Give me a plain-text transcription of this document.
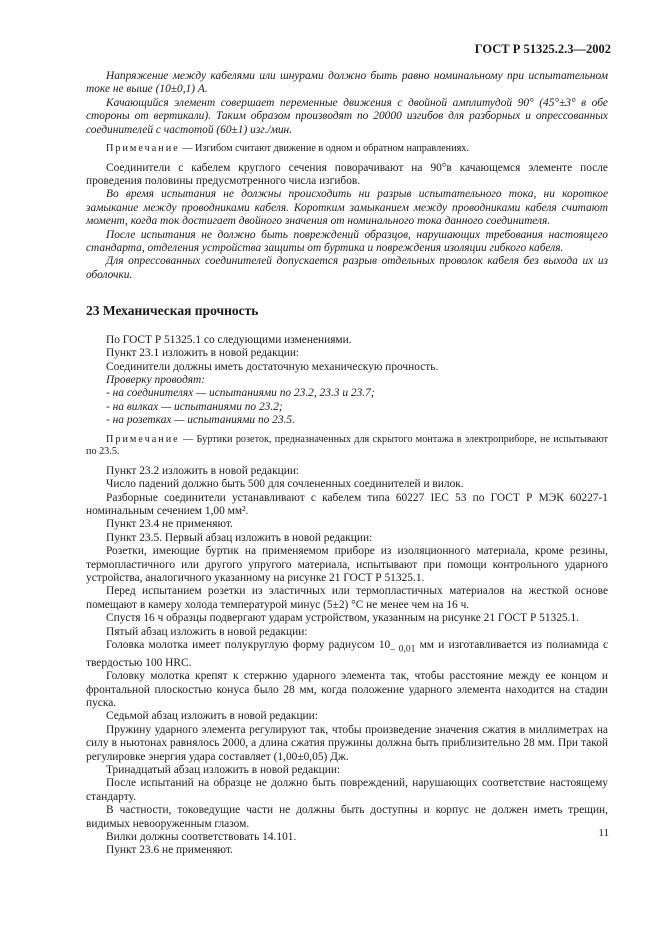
ГОСТ Р 51325.2.3—2002

Напряжение между кабелями или шнурами должно быть равно номинальному при испытательном токе не выше (10±0,1) А.

Качающийся элемент совершает переменные движения с двойной амплитудой 90° (45°±3° в обе стороны от вертикали). Таким образом производят по 20000 изгибов для разборных и опрессованных соединителей с частотой (60±1) изг./мин.

Примечание — Изгибом считают движение в одном и обратном направлениях.

Соединители с кабелем круглого сечения поворачивают на 90°в качающемся элементе после проведения половины предусмотренного числа изгибов.

Во время испытания не должны происходить ни разрыв испытательного тока, ни короткое замыкание между проводниками кабеля. Коротким замыканием между проводниками кабеля считают момент, когда ток достигает двойного значения от номинального тока данного соединителя.

После испытания не должно быть повреждений образцов, нарушающих требования настоящего стандарта, отделения устройства защиты от буртика и повреждения изоляции гибкого кабеля.

Для опрессованных соединителей допускается разрыв отдельных проволок кабеля без выхода их из оболочки.

23 Механическая прочность

По ГОСТ Р 51325.1 со следующими изменениями.

Пункт 23.1 изложить в новой редакции:

Соединители должны иметь достаточную механическую прочность.

Проверку проводят:

- на соединителях — испытаниями по 23.2, 23.3 и 23.7;

- на вилках — испытаниями по 23.2;

- на розетках — испытаниями по 23.5.

Примечание — Буртики розеток, предназначенных для скрытого монтажа в электроприборе, не испытывают по 23.5.

Пункт 23.2 изложить в новой редакции:

Число падений должно быть 500 для сочлененных соединителей и вилок.

Разборные соединители устанавливают с кабелем типа 60227 IEC 53 по ГОСТ Р МЭК 60227-1 номинальным сечением 1,00 мм².

Пункт 23.4 не применяют.

Пункт 23.5. Первый абзац изложить в новой редакции:

Розетки, имеющие буртик на применяемом приборе из изоляционного материала, кроме резины, термопластичного или другого упругого материала, испытывают при помощи контрольного ударного устройства, аналогичного указанному на рисунке 21 ГОСТ Р 51325.1.

Перед испытанием розетки из эластичных или термопластичных материалов на жесткой основе помещают в камеру холода температурой минус (5±2) °С не менее чем на 16 ч.

Спустя 16 ч образцы подвергают ударам устройством, указанным на рисунке 21 ГОСТ Р 51325.1.

Пятый абзац изложить в новой редакции:

Головка молотка имеет полукруглую форму радиусом $10_{- 0,01}$ мм и изготавливается из полиамида с твердостью 100 HRC.

Головку молотка крепят к стержню ударного элемента так, чтобы расстояние между ее концом и фронтальной плоскостью конуса было 28 мм, когда положение ударного элемента находится на стадии пуска.

Седьмой абзац изложить в новой редакции:

Пружину ударного элемента регулируют так, чтобы произведение значения сжатия в миллиметрах на силу в ньютонах равнялось 2000, а длина сжатия пружины должна быть приблизительно 28 мм. При такой регулировке энергия удара составляет (1,00±0,05) Дж.

Тринадцатый абзац изложить в новой редакции:

После испытаний на образце не должно быть повреждений, нарушающих соответствие настоящему стандарту.

В частности, токоведущие части не должны быть доступны и корпус не должен иметь трещин, видимых невооруженным глазом.

Вилки должны соответствовать 14.101.

Пункт 23.6 не применяют.

11
